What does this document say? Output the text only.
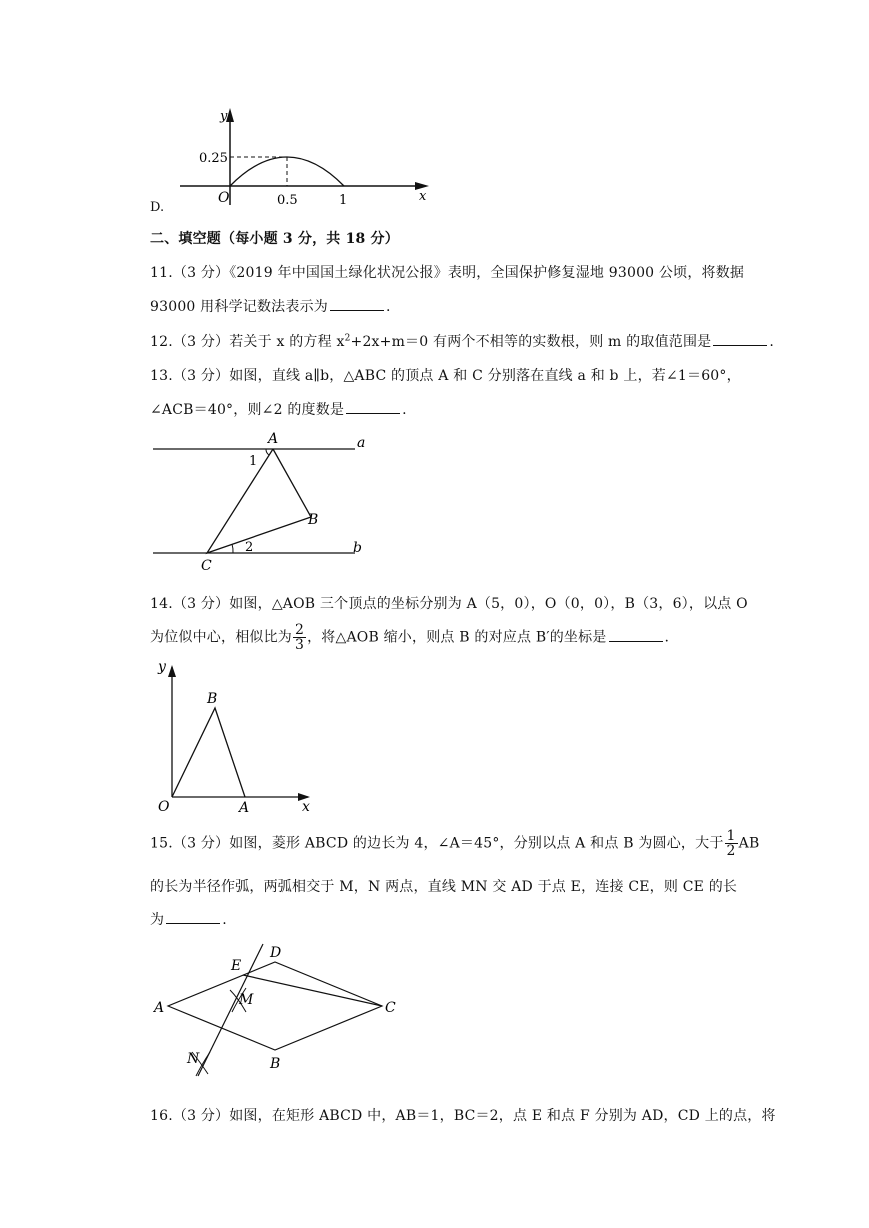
D.
y
x
O
0.25
0.5	1
二、填空题（每小题 3 分，共 18 分）
11.（3 分）《2019 年中国国土绿化状况公报》表明，全国保护修复湿地 93000 公顷，将数据
93000 用科学记数法表示为	.
12.（3 分）若关于 x 的方程 $x^2+2x+m=0$ 有两个不相等的实数根，则 m 的取值范围是	.
13.（3 分）如图，直线 a∥b，△ABC 的顶点 A 和 C 分别落在直线 a 和 b 上，若∠1＝60°，
∠ACB＝40°，则∠2 的度数是	.
A
B
C
a
b
1
2
14.（3 分）如图，△AOB 三个顶点的坐标分别为 A（5，0），O（0，0），B（3，6），以点 O
为位似中心，相似比为 $\frac{2}{3}$ ，将△AOB 缩小，则点 B 的对应点 B′的坐标是	.
y
x
O	A
B
15.（3 分）如图，菱形 ABCD 的边长为 4，∠A＝45°，分别以点 A 和点 B 为圆心，大于 $\frac{1}{2}$ AB
的长为半径作弧，两弧相交于 M，N 两点，直线 MN 交 AD 于点 E，连接 CE，则 CE 的长
为	.
A
B
C
D
E
M
N
16.（3 分）如图，在矩形 ABCD 中，AB＝1，BC＝2，点 E 和点 F 分别为 AD，CD 上的点，将
